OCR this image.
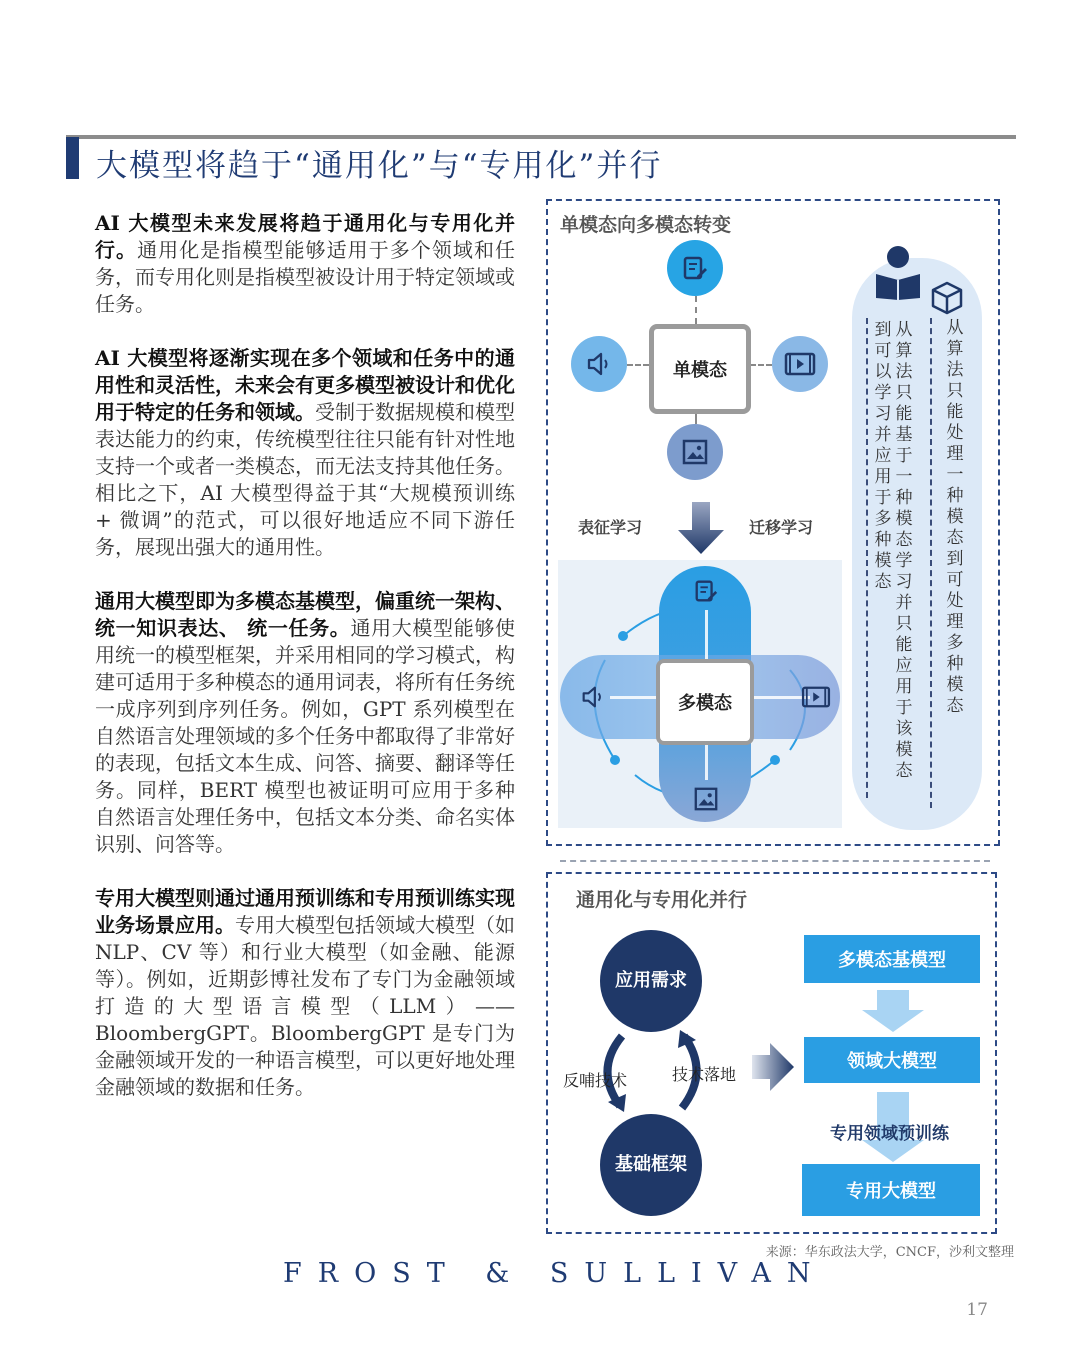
大模型将趋于“通用化”与“专用化”并行

AI 大模型未来发展将趋于通用化与专用化并行。通用化是指模型能够适用于多个领域和任务，而专用化则是指模型被设计用于特定领域或任务。

AI 大模型将逐渐实现在多个领域和任务中的通用性和灵活性，未来会有更多模型被设计和优化用于特定的任务和领域。受制于数据规模和模型表达能力的约束，传统模型往往只能有针对性地支持一个或者一类模态，而无法支持其他任务。相比之下，AI 大模型得益于其“大规模预训练 + 微调”的范式，可以很好地适应不同下游任务，展现出强大的通用性。

通用大模型即为多模态基模型，偏重统一架构、 统一知识表达、 统一任务。通用大模型能够使用统一的模型框架，并采用相同的学习模式，构建可适用于多种模态的通用词表，将所有任务统一成序列到序列任务。例如，GPT 系列模型在自然语言处理领域的多个任务中都取得了非常好的表现，包括文本生成、问答、摘要、翻译等任务。同样，BERT 模型也被证明可应用于多种自然语言处理任务中，包括文本分类、命名实体识别、问答等。

专用大模型则通过通用预训练和专用预训练实现业务场景应用。专用大模型包括领域大模型（如 NLP、CV 等）和行业大模型（如金融、能源等）。例如，近期彭博社发布了专门为金融领域打造的大型语言模型（LLM）——BloombergGPT。BloombergGPT 是专门为金融领域开发的一种语言模型，可以更好地处理金融领域的数据和任务。

单模态向多模态转变
单模态
表征学习	迁移学习
多模态
从算法只能处理一种模态到可处理多种模态
从算法只能基于一种模态学习并只能应用于该模态
到可以学习并应用于多种模态
通用化与专用化并行
应用需求
基础框架
反哺技术	技术落地
多模态基模型
领域大模型
专用领域预训练
专用大模型
来源：华东政法大学，CNCF，沙利文整理
FROST & SULLIVAN
17
